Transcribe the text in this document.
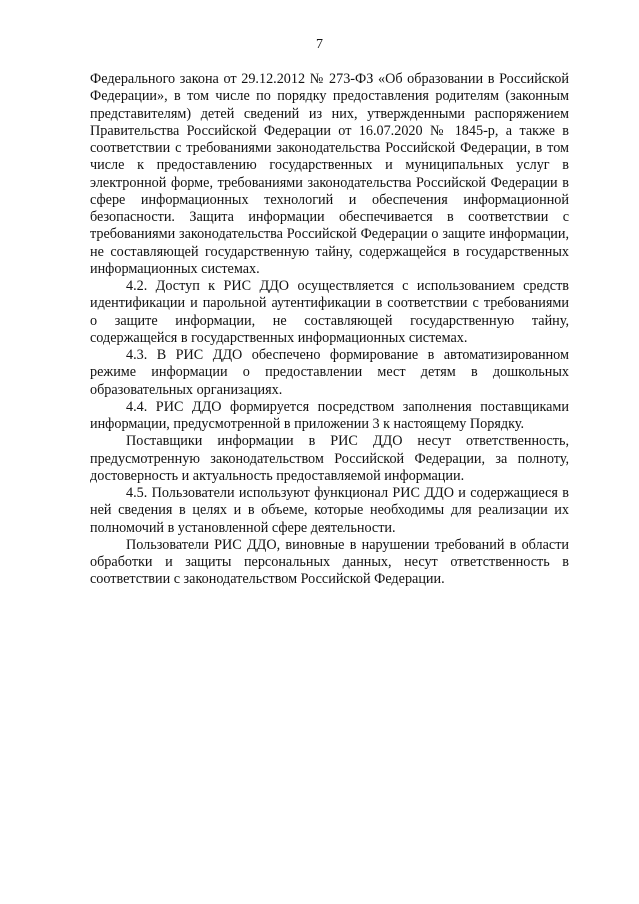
7

Федерального закона от 29.12.2012 № 273-ФЗ «Об образовании в Российской Федерации», в том числе по порядку предоставления родителям (законным представителям) детей сведений из них, утвержденными распоряжением Правительства Российской Федерации от 16.07.2020 № 1845-р, а также в соответствии с требованиями законодательства Российской Федерации, в том числе к предоставлению государственных и муниципальных услуг в электронной форме, требованиями законодательства Российской Федерации в сфере информационных технологий и обеспечения информационной безопасности. Защита информации обеспечивается в соответствии с требованиями законодательства Российской Федерации о защите информации, не составляющей государственную тайну, содержащейся в государственных информационных системах.

4.2. Доступ к РИС ДДО осуществляется с использованием средств идентификации и парольной аутентификации в соответствии с требованиями о защите информации, не составляющей государственную тайну, содержащейся в государственных информационных системах.

4.3. В РИС ДДО обеспечено формирование в автоматизированном режиме информации о предоставлении мест детям в дошкольных образовательных организациях.

4.4. РИС ДДО формируется посредством заполнения поставщиками информации, предусмотренной в приложении 3 к настоящему Порядку.

Поставщики информации в РИС ДДО несут ответственность, предусмотренную законодательством Российской Федерации, за полноту, достоверность и актуальность предоставляемой информации.

4.5. Пользователи используют функционал РИС ДДО и содержащиеся в ней сведения в целях и в объеме, которые необходимы для реализации их полномочий в установленной сфере деятельности.

Пользователи РИС ДДО, виновные в нарушении требований в области обработки и защиты персональных данных, несут ответственность в соответствии с законодательством Российской Федерации.
